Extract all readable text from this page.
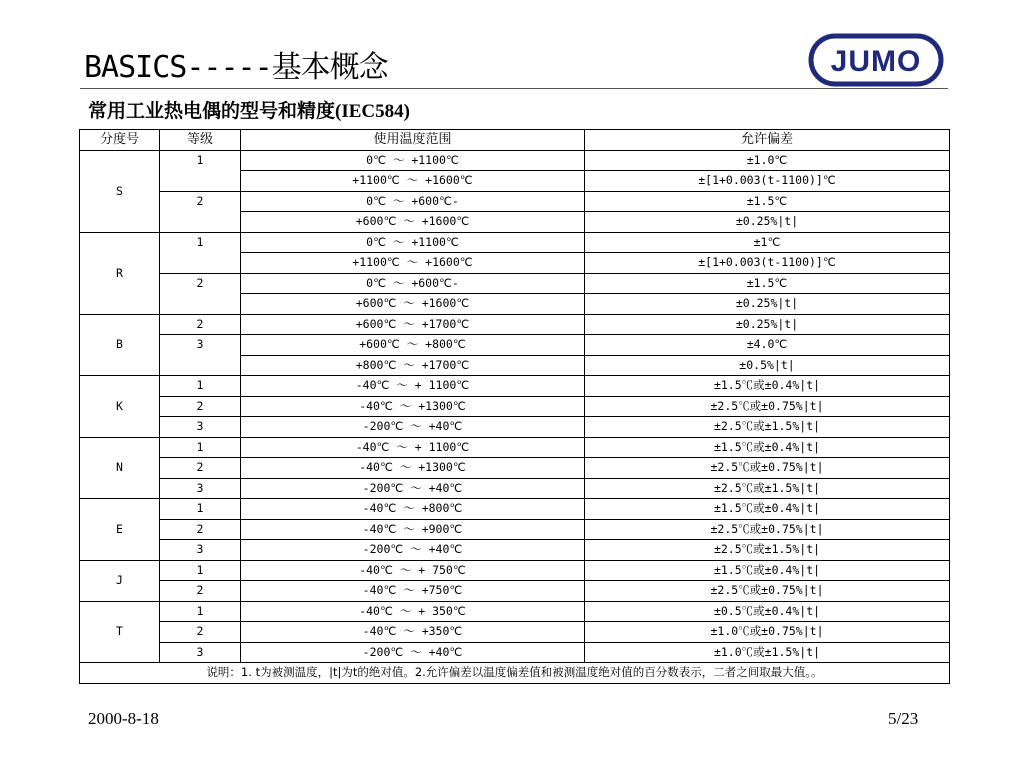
BASICS-----基本概念	JUMO
常用工业热电偶的型号和精度(IEC584)
分度号	等级	使用温度范围	允许偏差
S	1	0℃ ～ +1100℃	±1.0℃
		+1100℃ ～ +1600℃	±[1+0.003(t-1100)]℃
	2	0℃ ～ +600℃-	±1.5℃
		+600℃ ～ +1600℃	±0.25%|t|
R	1	0℃ ～ +1100℃	±1℃
		+1100℃ ～ +1600℃	±[1+0.003(t-1100)]℃
	2	0℃ ～ +600℃-	±1.5℃
		+600℃ ～ +1600℃	±0.25%|t|
B	2	+600℃ ～ +1700℃	±0.25%|t|
	3	+600℃ ～ +800℃	±4.0℃
		+800℃ ～ +1700℃	±0.5%|t|
K	1	-40℃ ～ + 1100℃	±1.5℃或±0.4%|t|
	2	-40℃ ～ +1300℃	±2.5℃或±0.75%|t|
	3	-200℃ ～ +40℃	±2.5℃或±1.5%|t|
N	1	-40℃ ～ + 1100℃	±1.5℃或±0.4%|t|
	2	-40℃ ～ +1300℃	±2.5℃或±0.75%|t|
	3	-200℃ ～ +40℃	±2.5℃或±1.5%|t|
E	1	-40℃ ～ +800℃	±1.5℃或±0.4%|t|
	2	-40℃ ～ +900℃	±2.5℃或±0.75%|t|
	3	-200℃ ～ +40℃	±2.5℃或±1.5%|t|
J	1	-40℃ ～ + 750℃	±1.5℃或±0.4%|t|
	2	-40℃ ～ +750℃	±2.5℃或±0.75%|t|
T	1	-40℃ ～ + 350℃	±0.5℃或±0.4%|t|
	2	-40℃ ～ +350℃	±1.0℃或±0.75%|t|
	3	-200℃ ～ +40℃	±1.0℃或±1.5%|t|
说明：1. t为被测温度，|t|为t的绝对值。2.允许偏差以温度偏差值和被测温度绝对值的百分数表示，二者之间取最大值。。			
2000-8-18	5/23
